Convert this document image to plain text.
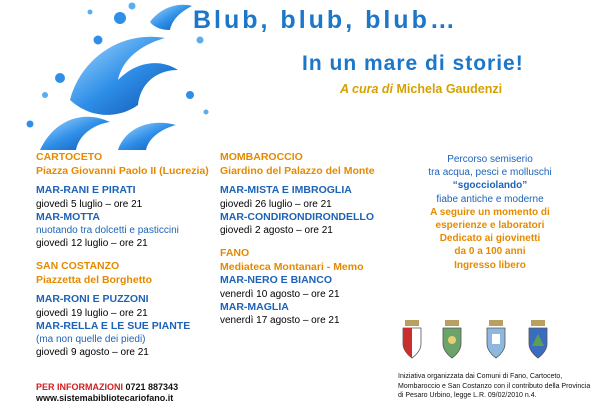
Blub, blub, blub…
In un mare di storie!
A cura di Michela Gaudenzi
CARTOCETO
Piazza Giovanni Paolo II (Lucrezia)
MAR-RANI E PIRATI
giovedì 5 luglio – ore 21
MAR-MOTTA
nuotando tra dolcetti e pasticcini
giovedì 12 luglio – ore 21
SAN COSTANZO
Piazzetta del Borghetto
MAR-RONI E PUZZONI
giovedì 19 luglio – ore 21
MAR-RELLA E LE SUE PIANTE
(ma non quelle dei piedi)
giovedì 9 agosto – ore 21
MOMBAROCCIO
Giardino del Palazzo del Monte
MAR-MISTA E IMBROGLIA
giovedì 26 luglio – ore 21
MAR-CONDIRONDIRONDELLO
giovedì 2 agosto – ore 21
FANO
Mediateca Montanari - Memo
MAR-NERO E BIANCO
venerdì 10 agosto – ore 21
MAR-MAGLIA
venerdì 17 agosto – ore 21
Percorso semiserio
tra acqua, pesci e molluschi
“sgocciolando”
fiabe antiche e moderne
A seguire un momento di
esperienze e laboratori
Dedicato ai giovinetti
da 0 a 100 anni
Ingresso libero
Iniziativa organizzata dai Comuni di Fano, Cartoceto, Mombaroccio e San Costanzo con il contributo della Provincia di Pesaro Urbino, legge L.R. 09/02/2010 n.4.
PER INFORMAZIONI 0721 887343
www.sistemabibliotecariofano.it
